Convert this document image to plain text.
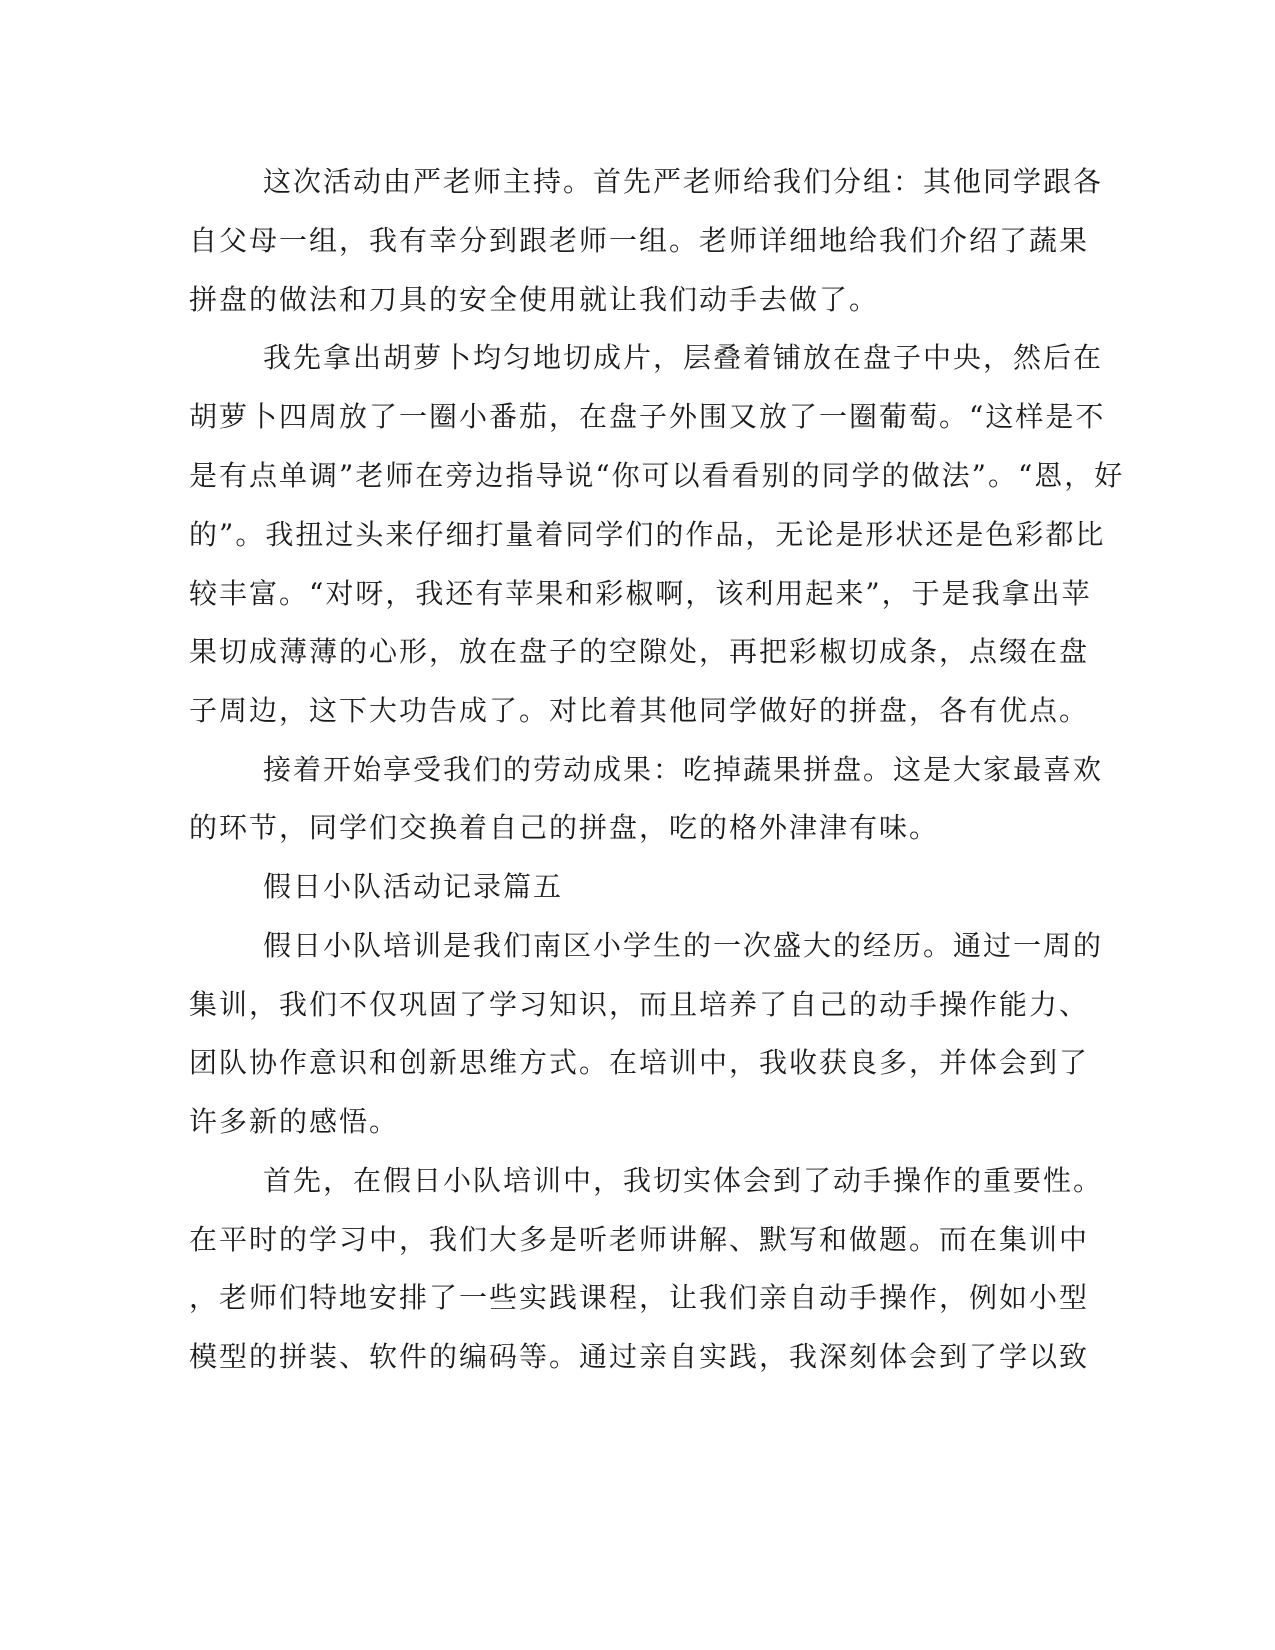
这次活动由严老师主持。首先严老师给我们分组：其他同学跟各
自父母一组，我有幸分到跟老师一组。老师详细地给我们介绍了蔬果
拼盘的做法和刀具的安全使用就让我们动手去做了。
我先拿出胡萝卜均匀地切成片，层叠着铺放在盘子中央，然后在
胡萝卜四周放了一圈小番茄，在盘子外围又放了一圈葡萄。“这样是不
是有点单调”老师在旁边指导说“你可以看看别的同学的做法”。“恩，好
的”。我扭过头来仔细打量着同学们的作品，无论是形状还是色彩都比
较丰富。“对呀，我还有苹果和彩椒啊，该利用起来”，于是我拿出苹
果切成薄薄的心形，放在盘子的空隙处，再把彩椒切成条，点缀在盘
子周边，这下大功告成了。对比着其他同学做好的拼盘，各有优点。
接着开始享受我们的劳动成果：吃掉蔬果拼盘。这是大家最喜欢
的环节，同学们交换着自己的拼盘，吃的格外津津有味。
假日小队活动记录篇五
假日小队培训是我们南区小学生的一次盛大的经历。通过一周的
集训，我们不仅巩固了学习知识，而且培养了自己的动手操作能力、
团队协作意识和创新思维方式。在培训中，我收获良多，并体会到了
许多新的感悟。
首先，在假日小队培训中，我切实体会到了动手操作的重要性。
在平时的学习中，我们大多是听老师讲解、默写和做题。而在集训中
，老师们特地安排了一些实践课程，让我们亲自动手操作，例如小型
模型的拼装、软件的编码等。通过亲自实践，我深刻体会到了学以致
